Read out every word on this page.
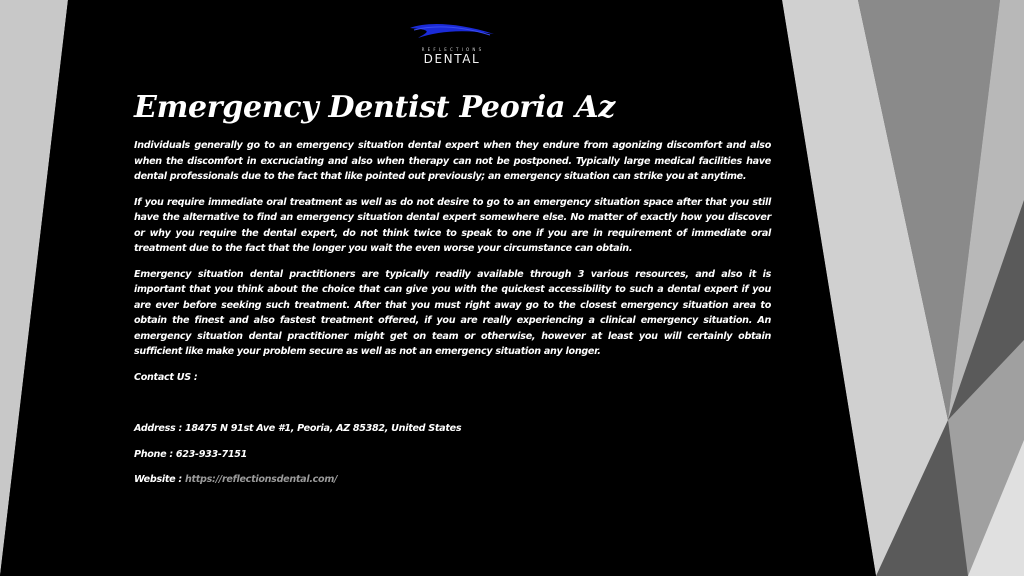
REFLECTIONS
DENTAL
Emergency Dentist Peoria Az

Individuals generally go to an emergency situation dental expert when they endure from agonizing discomfort and also when the discomfort in excruciating and also when therapy can not be postponed. Typically large medical facilities have dental professionals due to the fact that like pointed out previously; an emergency situation can strike you at anytime.

If you require immediate oral treatment as well as do not desire to go to an emergency situation space after that you still have the alternative to find an emergency situation dental expert somewhere else. No matter of exactly how you discover or why you require the dental expert, do not think twice to speak to one if you are in requirement of immediate oral treatment due to the fact that the longer you wait the even worse your circumstance can obtain.

Emergency situation dental practitioners are typically readily available through 3 various resources, and also it is important that you think about the choice that can give you with the quickest accessibility to such a dental expert if you are ever before seeking such treatment. After that you must right away go to the closest emergency situation area to obtain the finest and also fastest treatment offered, if you are really experiencing a clinical emergency situation. An emergency situation dental practitioner might get on team or otherwise, however at least you will certainly obtain sufficient like make your problem secure as well as not an emergency situation any longer.

Contact US :

Address : 18475 N 91st Ave #1, Peoria, AZ 85382, United States

Phone : 623-933-7151

Website : https://reflectionsdental.com/
